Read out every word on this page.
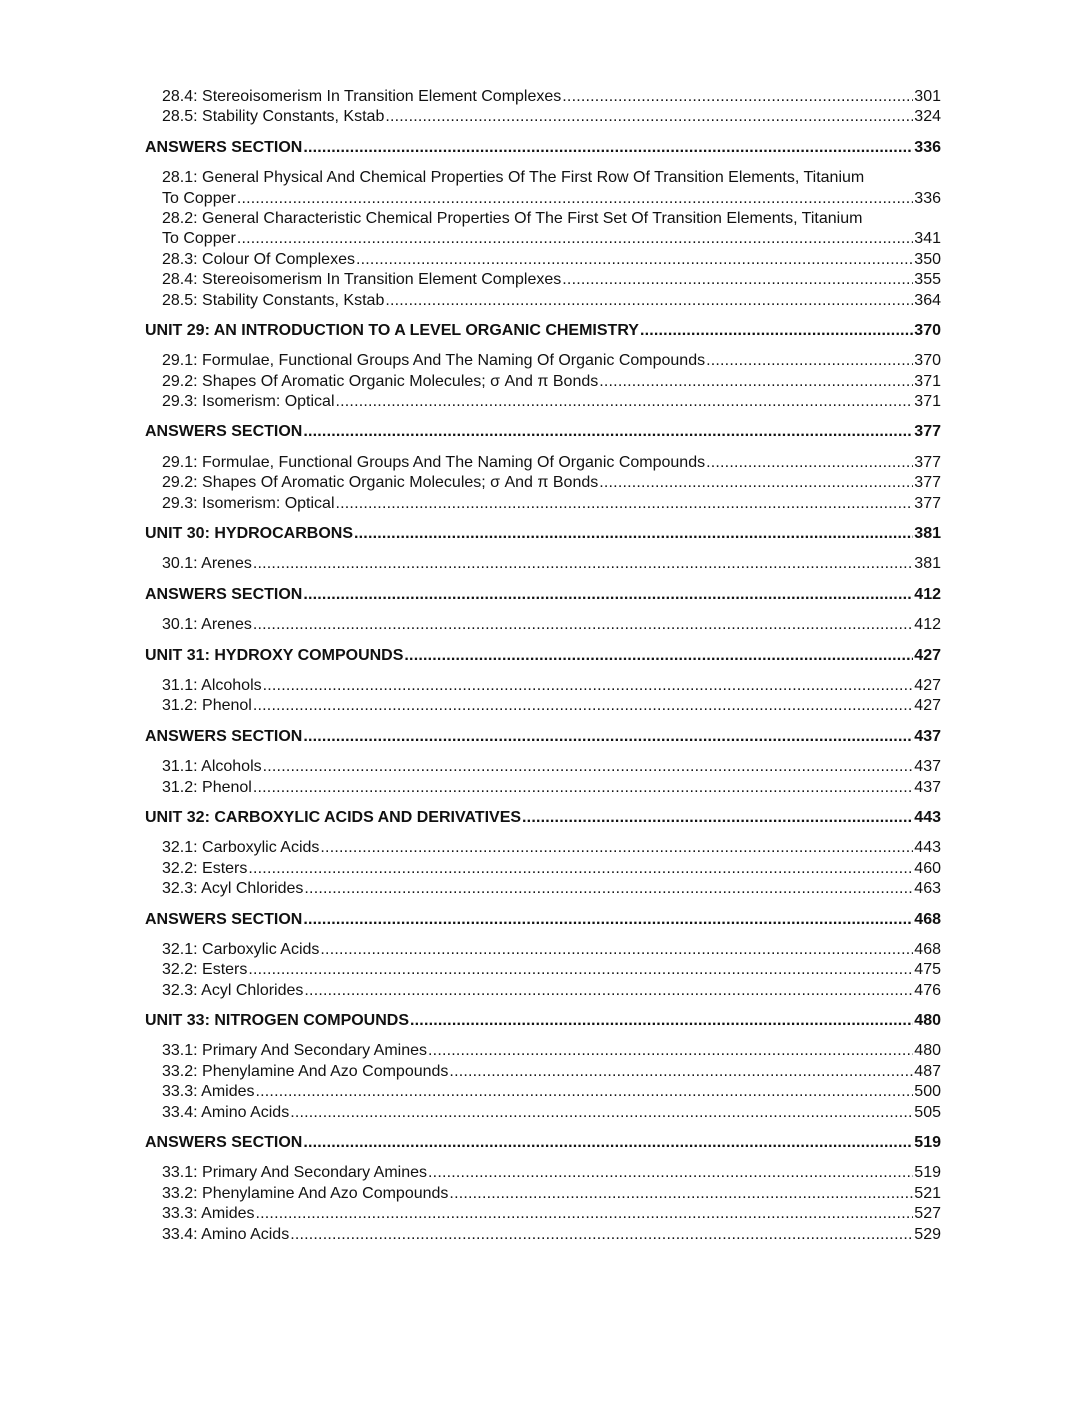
28.4: Stereoisomerism In Transition Element Complexes .....	301
28.5: Stability Constants, Kstab .....	324
ANSWERS SECTION .....	336
28.1: General Physical And Chemical Properties Of The First Row Of Transition Elements, Titanium
To Copper .....	336
28.2: General Characteristic Chemical Properties Of The First Set Of Transition Elements, Titanium
To Copper .....	341
28.3: Colour Of Complexes .....	350
28.4: Stereoisomerism In Transition Element Complexes .....	355
28.5: Stability Constants, Kstab .....	364
UNIT 29: AN INTRODUCTION TO A LEVEL ORGANIC CHEMISTRY .....	370
29.1: Formulae, Functional Groups And The Naming Of Organic Compounds .....	370
29.2: Shapes Of Aromatic Organic Molecules; σ And π Bonds .....	371
29.3: Isomerism: Optical .....	371
ANSWERS SECTION .....	377
29.1: Formulae, Functional Groups And The Naming Of Organic Compounds .....	377
29.2: Shapes Of Aromatic Organic Molecules; σ And π Bonds .....	377
29.3: Isomerism: Optical .....	377
UNIT 30: HYDROCARBONS .....	381
30.1: Arenes .....	381
ANSWERS SECTION .....	412
30.1: Arenes .....	412
UNIT 31: HYDROXY COMPOUNDS .....	427
31.1: Alcohols .....	427
31.2: Phenol .....	427
ANSWERS SECTION .....	437
31.1: Alcohols .....	437
31.2: Phenol .....	437
UNIT 32: CARBOXYLIC ACIDS AND DERIVATIVES .....	443
32.1: Carboxylic Acids .....	443
32.2: Esters .....	460
32.3: Acyl Chlorides .....	463
ANSWERS SECTION .....	468
32.1: Carboxylic Acids .....	468
32.2: Esters .....	475
32.3: Acyl Chlorides .....	476
UNIT 33: NITROGEN COMPOUNDS .....	480
33.1: Primary And Secondary Amines .....	480
33.2: Phenylamine And Azo Compounds .....	487
33.3: Amides .....	500
33.4: Amino Acids .....	505
ANSWERS SECTION .....	519
33.1: Primary And Secondary Amines .....	519
33.2: Phenylamine And Azo Compounds .....	521
33.3: Amides .....	527
33.4: Amino Acids .....	529
